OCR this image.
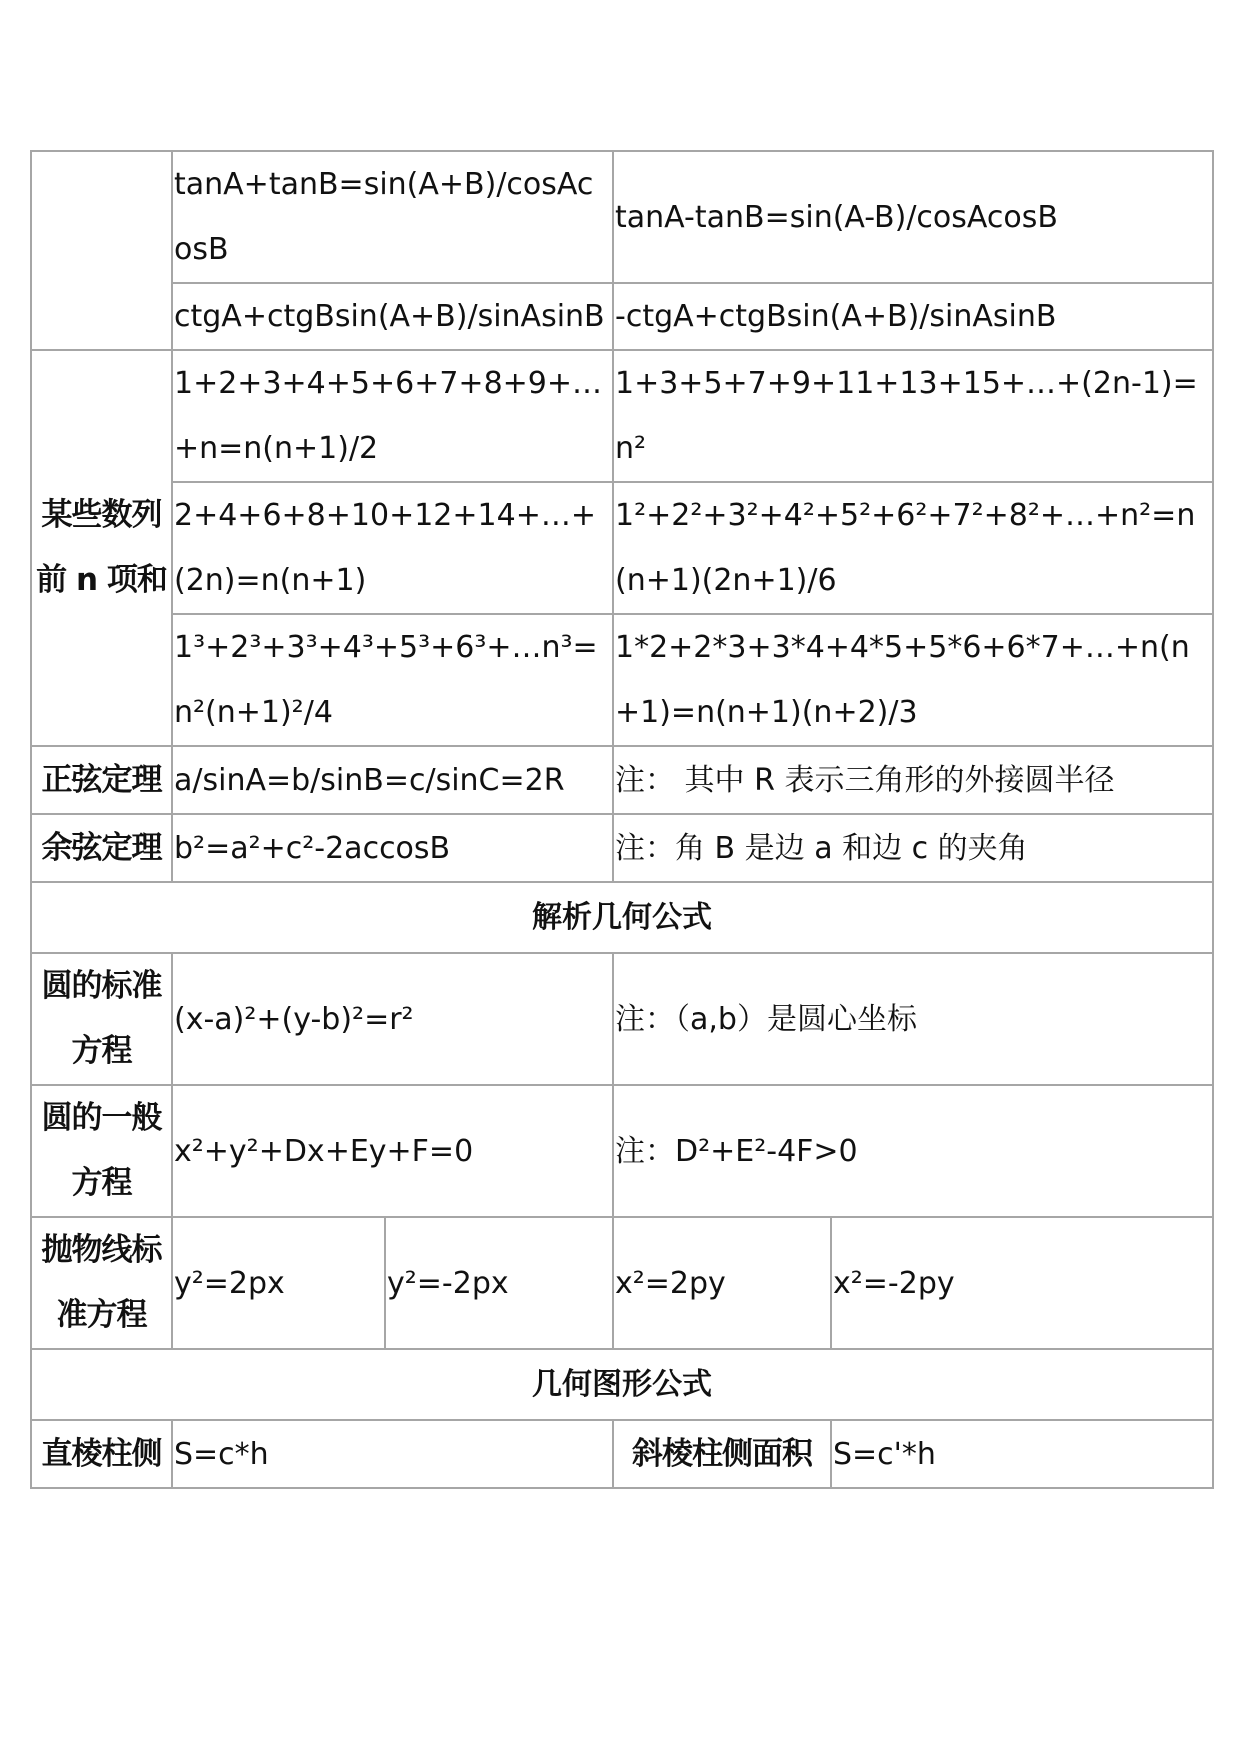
	tanA+tanB=sin(A+B)/cosAcosB		tanA-tanB=sin(A-B)/cosAcosB	
	ctgA+ctgBsin(A+B)/sinAsinB		-ctgA+ctgBsin(A+B)/sinAsinB	
某些数列前 n 项和	1+2+3+4+5+6+7+8+9+…+n=n(n+1)/2		1+3+5+7+9+11+13+15+…+(2n-1)=n²	
	2+4+6+8+10+12+14+…+(2n)=n(n+1)		1²+2²+3²+4²+5²+6²+7²+8²+…+n²=n(n+1)(2n+1)/6	
	1³+2³+3³+4³+5³+6³+…n³=n²(n+1)²/4		1*2+2*3+3*4+4*5+5*6+6*7+…+n(n+1)=n(n+1)(n+2)/3	
正弦定理	a/sinA=b/sinB=c/sinC=2R		注： 其中 R 表示三角形的外接圆半径	
余弦定理	b²=a²+c²-2accosB		注：角 B 是边 a 和边 c 的夹角	
解析几何公式				
圆的标准方程	(x-a)²+(y-b)²=r²		注：（a,b）是圆心坐标	
圆的一般方程	x²+y²+Dx+Ey+F=0		注：D²+E²-4F>0	
抛物线标准方程	y²=2px	y²=-2px	x²=2py	x²=-2py
几何图形公式				
直棱柱侧	S=c*h		斜棱柱侧面积	S=c'*h
